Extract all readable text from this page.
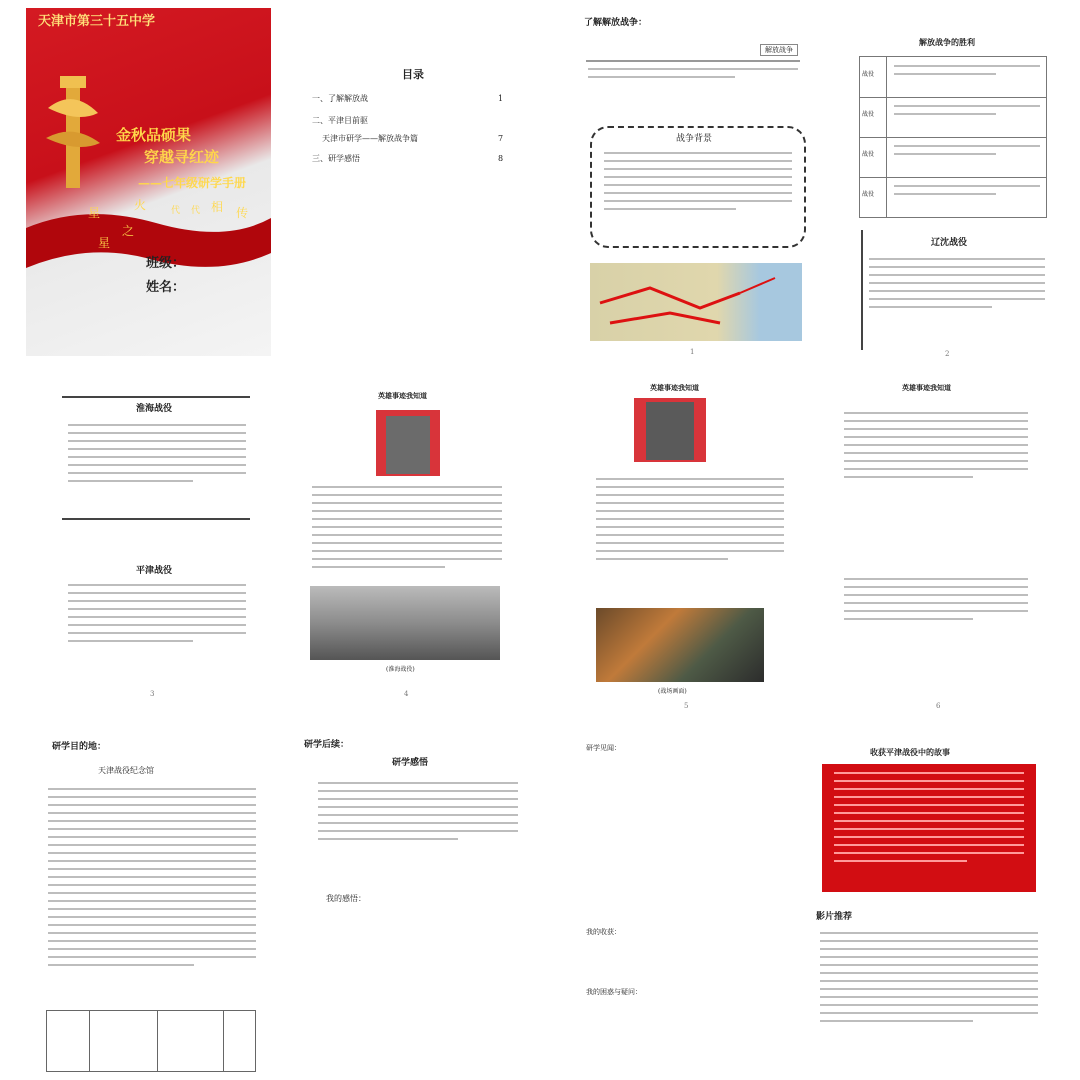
天津市第三十五中学
金秋品硕果
穿越寻红迹
——七年级研学手册
星
火	代 代 相 传
星
之
班级：
姓名：
目录
一、了解解放战	1
二、平津目前驱
天津市研学——解放战争篇	7
三、研学感悟	8
了解解放战争：
解放战争
战争背景
1
解放战争的胜利
战役
战役
战役
战役
辽沈战役
2
淮海战役
平津战役
3
英雄事迹我知道
(淮海战役)
4
英雄事迹我知道
(战场画面)
5
英雄事迹我知道
6
研学目的地：
天津战役纪念馆
研学后续：
研学感悟
我的感悟：
研学见闻：
我的收获：
我的困惑与疑问：
收获平津战役中的故事
影片推荐
